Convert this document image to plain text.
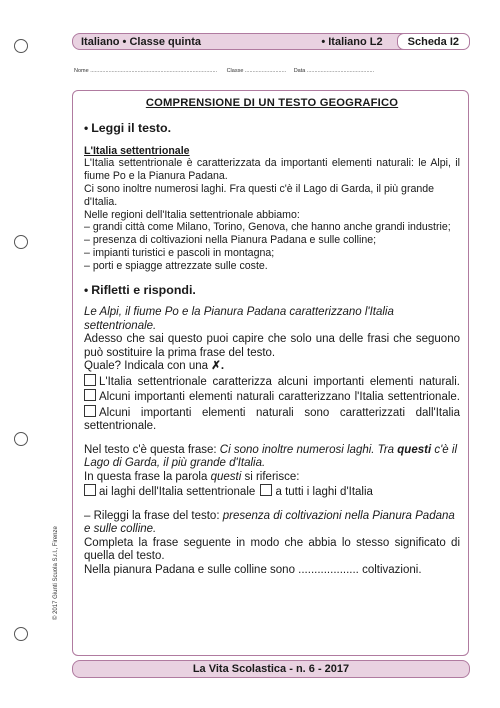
Italiano • Classe quinta	• Italiano L2	Scheda I2
Nome ................................................................................... Classe ........................... Data ............................................
COMPRENSIONE DI UN TESTO GEOGRAFICO
• Leggi il testo.
L'Italia settentrionale

L'Italia settentrionale è caratterizzata da importanti elementi naturali: le Alpi, il fiume Po e la Pianura Padana.

Ci sono inoltre numerosi laghi. Fra questi c'è il Lago di Garda, il più grande d'Italia.

Nelle regioni dell'Italia settentrionale abbiamo:

– grandi città come Milano, Torino, Genova, che hanno anche grandi industrie;

– presenza di coltivazioni nella Pianura Padana e sulle colline;

– impianti turistici e pascoli in montagna;

– porti e spiagge attrezzate sulle coste.

• Rifletti e rispondi.

Le Alpi, il fiume Po e la Pianura Padana caratterizzano l'Italia settentrionale.

Adesso che sai questo puoi capire che solo una delle frasi che seguono può sostituire la prima frase del testo.

Quale? Indicala con una ✗.

L'Italia settentrionale caratterizza alcuni importanti elementi naturali. Alcuni importanti elementi naturali caratterizzano l'Italia settentrionale. Alcuni importanti elementi naturali sono caratterizzati dall'Italia settentrionale.

Nel testo c'è questa frase: Ci sono inoltre numerosi laghi. Tra questi c'è il Lago di Garda, il più grande d'Italia.

In questa frase la parola questi si riferisce:

ai laghi dell'Italia settentrionale a tutti i laghi d'Italia

– Rileggi la frase del testo: presenza di coltivazioni nella Pianura Padana e sulle colline.

Completa la frase seguente in modo che abbia lo stesso significato di quella del testo.

Nella pianura Padana e sulle colline sono ................... coltivazioni.

© 2017 Giunti Scuola S.r.l., Firenze
La Vita Scolastica - n. 6 - 2017
